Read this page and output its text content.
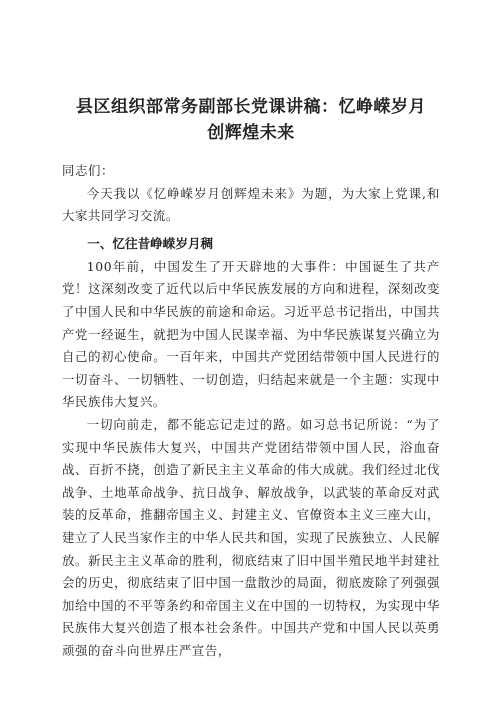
县区组织部常务副部长党课讲稿：忆峥嵘岁月
创辉煌未来
同志们：

今天我以《忆峥嵘岁月创辉煌未来》为题，为大家上党课,和大家共同学习交流。

一、忆往昔峥嵘岁月稠

100年前，中国发生了开天辟地的大事件：中国诞生了共产党！这深刻改变了近代以后中华民族发展的方向和进程，深刻改变了中国人民和中华民族的前途和命运。习近平总书记指出，中国共产党一经诞生，就把为中国人民谋幸福、为中华民族谋复兴确立为自己的初心使命。一百年来，中国共产党团结带领中国人民进行的一切奋斗、一切牺牲、一切创造，归结起来就是一个主题：实现中华民族伟大复兴。

一切向前走，都不能忘记走过的路。如习总书记所说：“为了实现中华民族伟大复兴，中国共产党团结带领中国人民，浴血奋战、百折不挠，创造了新民主主义革命的伟大成就。我们经过北伐战争、土地革命战争、抗日战争、解放战争，以武装的革命反对武装的反革命，推翻帝国主义、封建主义、官僚资本主义三座大山，建立了人民当家作主的中华人民共和国，实现了民族独立、人民解放。新民主主义革命的胜利，彻底结束了旧中国半殖民地半封建社会的历史，彻底结束了旧中国一盘散沙的局面，彻底废除了列强强加给中国的不平等条约和帝国主义在中国的一切特权，为实现中华民族伟大复兴创造了根本社会条件。中国共产党和中国人民以英勇顽强的奋斗向世界庄严宣告，
